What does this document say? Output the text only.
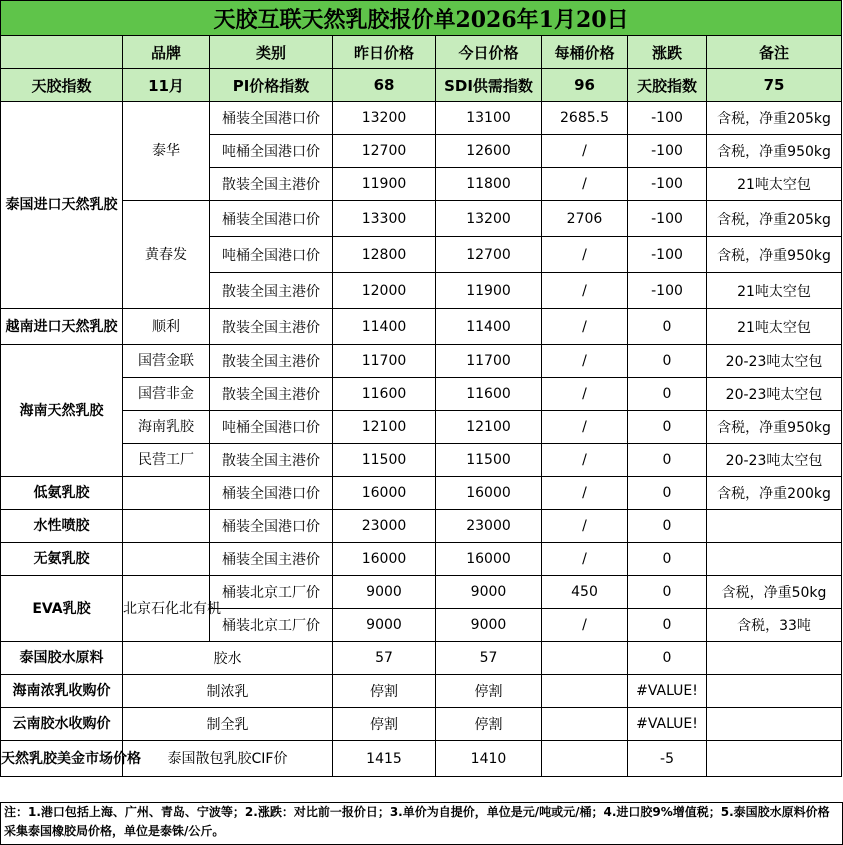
天胶互联天然乳胶报价单2026年1月20日							
	品牌	类别	昨日价格	今日价格	每桶价格	涨跌	备注
天胶指数	11月	PI价格指数	68	SDI供需指数	96	天胶指数	75
泰国进口天然乳胶	泰华	桶装全国港口价	13200	13100	2685.5	-100	含税，净重205kg
		吨桶全国港口价	12700	12600	/	-100	含税，净重950kg
		散装全国主港价	11900	11800	/	-100	21吨太空包
	黄春发	桶装全国港口价	13300	13200	2706	-100	含税，净重205kg
		吨桶全国港口价	12800	12700	/	-100	含税，净重950kg
		散装全国主港价	12000	11900	/	-100	21吨太空包
越南进口天然乳胶	顺利	散装全国主港价	11400	11400	/	0	21吨太空包
海南天然乳胶	国营金联	散装全国主港价	11700	11700	/	0	20-23吨太空包
	国营非金	散装全国主港价	11600	11600	/	0	20-23吨太空包
	海南乳胶	吨桶全国港口价	12100	12100	/	0	含税，净重950kg
	民营工厂	散装全国主港价	11500	11500	/	0	20-23吨太空包
低氨乳胶		桶装全国港口价	16000	16000	/	0	含税，净重200kg
水性喷胶		桶装全国港口价	23000	23000	/	0	
无氨乳胶		桶装全国主港价	16000	16000	/	0	
EVA乳胶	北京石化北有机	桶装北京工厂价	9000	9000	450	0	含税，净重50kg
		桶装北京工厂价	9000	9000	/	0	含税，33吨
泰国胶水原料	胶水		57	57		0	
海南浓乳收购价	制浓乳		停割	停割		#VALUE!	
云南胶水收购价	制全乳		停割	停割		#VALUE!	
天然乳胶美金市场价格	泰国散包乳胶CIF价		1415	1410		-5	
注：1.港口包括上海、广州、青岛、宁波等；2.涨跌：对比前一报价日；3.单价为自提价，单位是元/吨或元/桶；4.进口胶9%增值税；5.泰国胶水原料价格采集泰国橡胶局价格，单位是泰铢/公斤。
